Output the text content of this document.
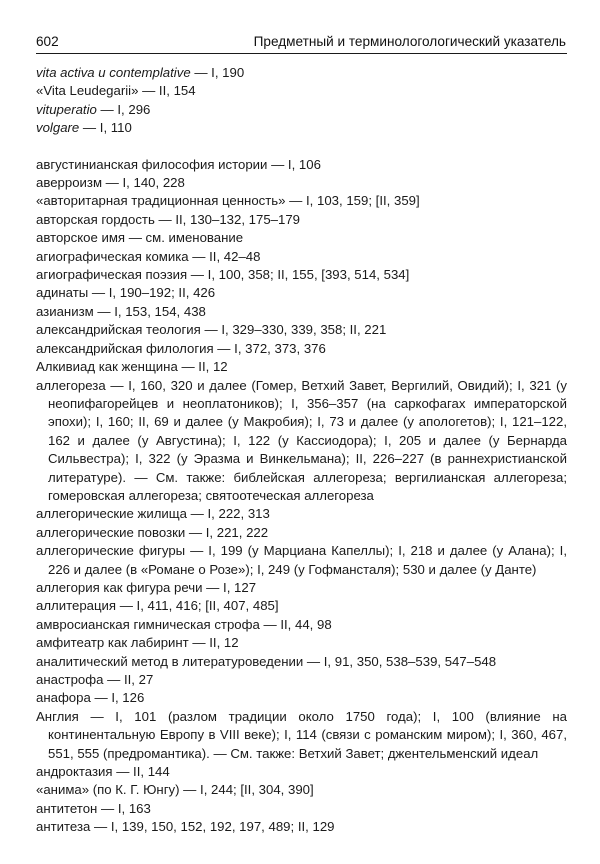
602	Предметный и терминологологический указатель
vita activa и contemplative — I, 190
«Vita Leudegarii» — II, 154
vituperatio — I, 296
volgare — I, 110
августинианская философия истории — I, 106
аверроизм — I, 140, 228
«авторитарная традиционная ценность» — I, 103, 159; [II, 359]
авторская гордость — II, 130–132, 175–179
авторское имя — см. именование
агиографическая комика — II, 42–48
агиографическая поэзия — I, 100, 358; II, 155, [393, 514, 534]
адинаты — I, 190–192; II, 426
азианизм — I, 153, 154, 438
александрийская теология — I, 329–330, 339, 358; II, 221
александрийская филология — I, 372, 373, 376
Алкивиад как женщина — II, 12
аллегореза — I, 160, 320 и далее (Гомер, Ветхий Завет, Вергилий, Овидий); I, 321 (у неопифагорейцев и неоплатоников); I, 356–357 (на саркофагах императорской эпохи); I, 160; II, 69 и далее (у Макробия); I, 73 и далее (у апологетов); I, 121–122, 162 и далее (у Августина); I, 122 (у Кассиодора); I, 205 и далее (у Бернарда Сильвестра); I, 322 (у Эразма и Винкельмана); II, 226–227 (в раннехристианской литературе). — См. также: библейская аллегореза; вергилианская аллегореза; гомеровская аллегореза; святоотеческая аллегореза
аллегорические жилища — I, 222, 313
аллегорические повозки — I, 221, 222
аллегорические фигуры — I, 199 (у Марциана Капеллы); I, 218 и далее (у Алана); I, 226 и далее (в «Романе о Розе»); I, 249 (у Гофмансталя); 530 и далее (у Данте)
аллегория как фигура речи — I, 127
аллитерация — I, 411, 416; [II, 407, 485]
амвросианская гимническая строфа — II, 44, 98
амфитеатр как лабиринт — II, 12
аналитический метод в литературоведении — I, 91, 350, 538–539, 547–548
анастрофа — II, 27
анафора — I, 126
Англия — I, 101 (разлом традиции около 1750 года); I, 100 (влияние на континентальную Европу в VIII веке); I, 114 (связи с романским миром); I, 360, 467, 551, 555 (предромантика). — См. также: Ветхий Завет; джентельменский идеал
андроктазия — II, 144
«анима» (по К. Г. Юнгу) — I, 244; [II, 304, 390]
антитетон — I, 163
антитеза — I, 139, 150, 152, 192, 197, 489; II, 129
